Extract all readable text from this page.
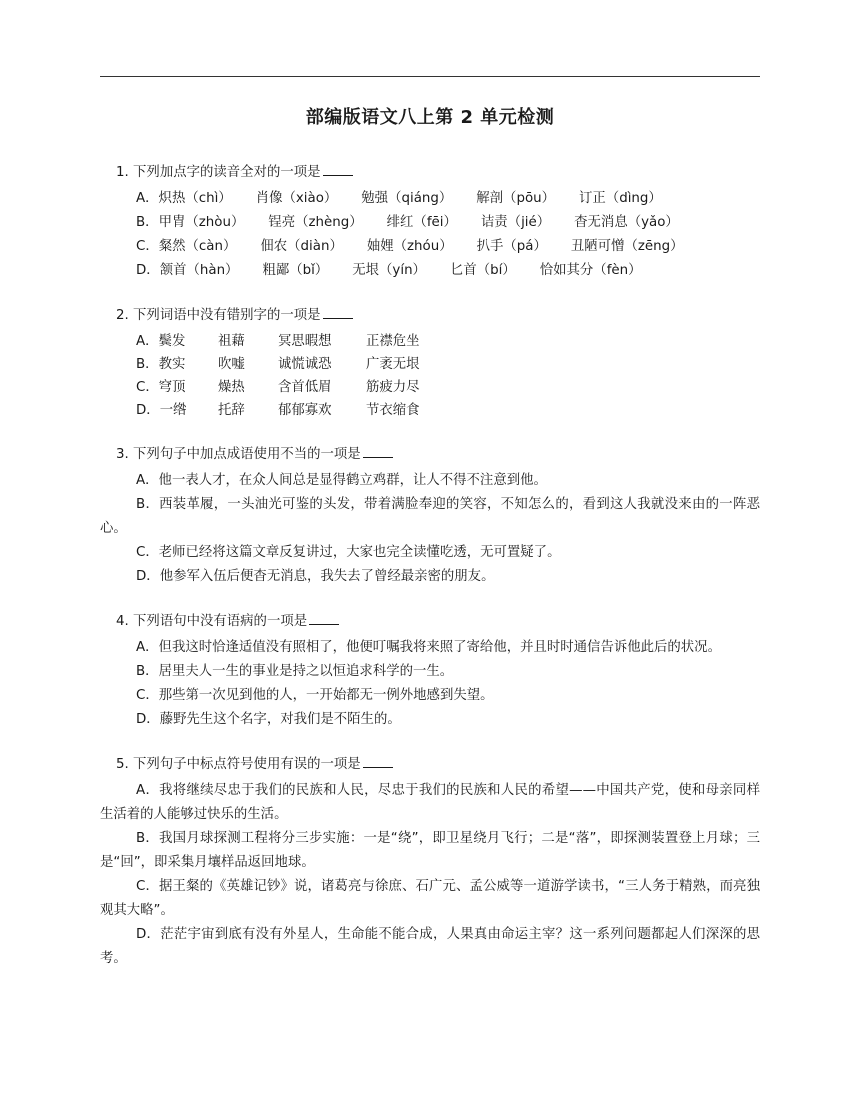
部编版语文八上第 2 单元检测
1. 下列加点字的读音全对的一项是
A．炽热（chì） 肖像（xiào） 勉强（qiáng） 解剖（pōu） 订正（dìng）
B．甲胄（zhòu） 锃亮（zhèng） 绯红（fēi） 诘责（jié） 杳无消息（yǎo）
C．粲然（càn） 佃农（diàn） 妯娌（zhóu） 扒手（pá） 丑陋可憎（zēng）
D．颔首（hàn） 粗鄙（bǐ） 无垠（yín） 匕首（bí） 恰如其分（fèn）
2. 下列词语中没有错别字的一项是
A．鬓发 祖藉 冥思暇想	正襟危坐
B．教实 吹嘘 诚慌诚恐	广袤无垠
C．穹顶 燥热 含首低眉	筋疲力尽
D．一绺 托辞 郁郁寡欢	节衣缩食
3. 下列句子中加点成语使用不当的一项是
A．他一表人才，在众人间总是显得鹤立鸡群，让人不得不注意到他。
B．西装革履，一头油光可鉴的头发，带着满脸奉迎的笑容，不知怎么的，看到这人我就没来由的一阵恶心。
C．老师已经将这篇文章反复讲过，大家也完全读懂吃透，无可置疑了。
D．他参军入伍后便杳无消息，我失去了曾经最亲密的朋友。
4. 下列语句中没有语病的一项是
A．但我这时恰逢适值没有照相了，他便叮嘱我将来照了寄给他，并且时时通信告诉他此后的状况。
B．居里夫人一生的事业是持之以恒追求科学的一生。
C．那些第一次见到他的人，一开始都无一例外地感到失望。
D．藤野先生这个名字，对我们是不陌生的。
5. 下列句子中标点符号使用有误的一项是
A．我将继续尽忠于我们的民族和人民，尽忠于我们的民族和人民的希望——中国共产党，使和母亲同样生活着的人能够过快乐的生活。
B．我国月球探测工程将分三步实施：一是“绕”，即卫星绕月飞行；二是“落”，即探测装置登上月球；三是“回”，即采集月壤样品返回地球。
C．据王粲的《英雄记钞》说，诸葛亮与徐庶、石广元、孟公威等一道游学读书，“三人务于精熟，而亮独观其大略”。
D．茫茫宇宙到底有没有外星人，生命能不能合成，人果真由命运主宰？这一系列问题都起人们深深的思考。
